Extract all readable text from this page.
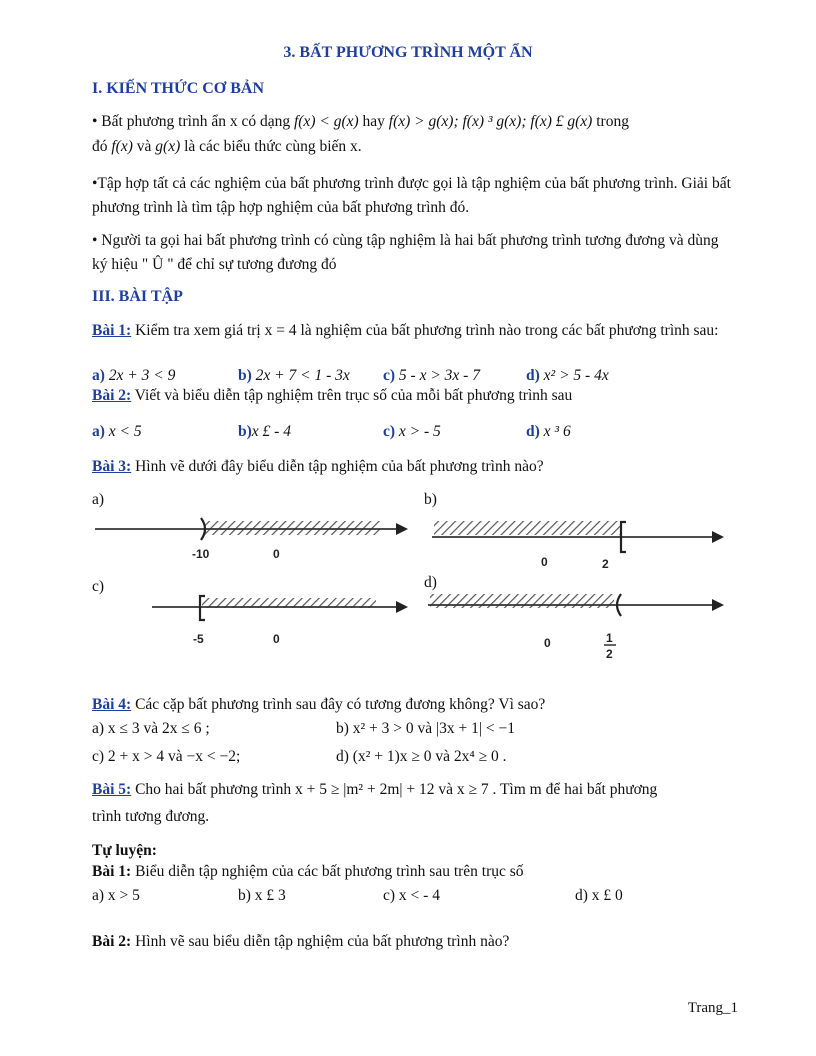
3. BẤT PHƯƠNG TRÌNH MỘT ẨN
I. KIẾN THỨC CƠ BẢN
• Bất phương trình ẩn x có dạng f(x) < g(x) hay f(x) > g(x); f(x) ³ g(x); f(x) £ g(x) trong
đó f(x) và g(x) là các biểu thức cùng biến x.
•Tập hợp tất cả các nghiệm của bất phương trình được gọi là tập nghiệm của bất phương trình. Giải bất phương trình là tìm tập hợp nghiệm của bất phương trình đó.
• Người ta gọi hai bất phương trình có cùng tập nghiệm là hai bất phương trình tương đương và dùng ký hiệu " Û " để chỉ sự tương đương đó
III. BÀI TẬP
Bài 1: Kiểm tra xem giá trị x = 4 là nghiệm của bất phương trình nào trong các bất phương trình sau:
a) 2x + 3 < 9	b) 2x + 7 < 1 - 3x c) 5 - x > 3x - 7	d) x² > 5 - 4x
Bài 2: Viết và biểu diễn tập nghiệm trên trục số của mỗi bất phương trình sau
a) x < 5	b)x £ - 4	c) x > - 5	d) x ³ 6
Bài 3: Hình vẽ dưới đây biểu diễn tập nghiệm của bất phương trình nào?
a)	b)
c)	d)
-10	0
0	2
-5	0	0	1
2
Bài 4: Các cặp bất phương trình sau đây có tương đương không? Vì sao?
a) x ≤ 3 và 2x ≤ 6 ;	b) x² + 3 > 0 và |3x + 1| < −1
c) 2 + x > 4 và −x < −2;	d) (x² + 1)x ≥ 0 và 2x⁴ ≥ 0 .
Bài 5: Cho hai bất phương trình x + 5 ≥ |m² + 2m| + 12 và x ≥ 7 . Tìm m để hai bất phương
trình tương đương.
Tự luyện:
Bài 1: Biểu diễn tập nghiệm của các bất phương trình sau trên trục số
a) x > 5	b) x £ 3	c) x < - 4	d) x £ 0
Bài 2: Hình vẽ sau biểu diễn tập nghiệm của bất phương trình nào?
Trang_1
